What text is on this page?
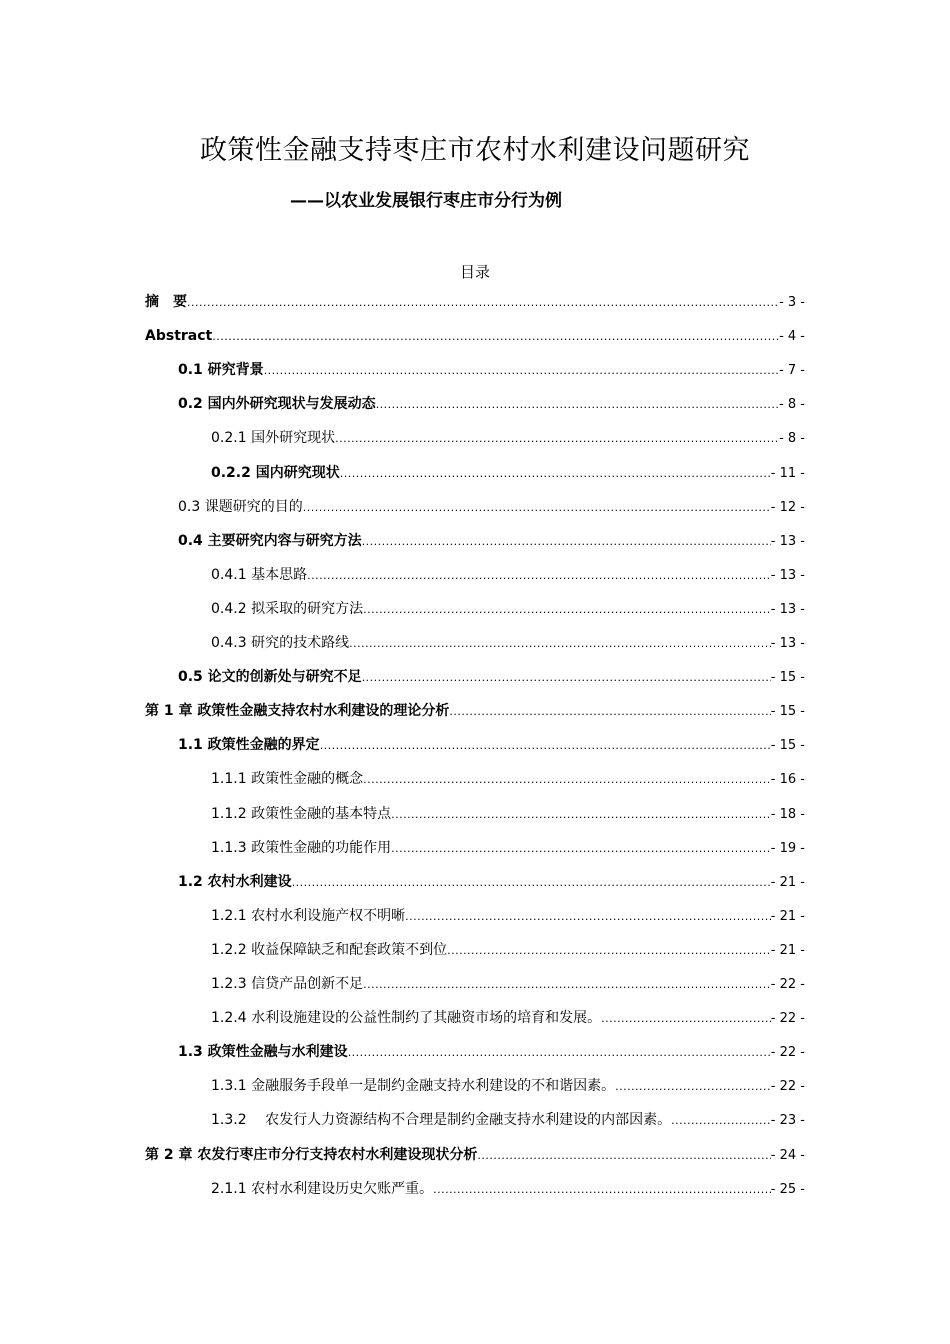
政策性金融支持枣庄市农村水利建设问题研究
——以农业发展银行枣庄市分行为例
目录
摘　要 .....	- 3 -
Abstract .....	- 4 -
0.1 研究背景 .....	- 7 -
0.2 国内外研究现状与发展动态 .....	- 8 -
0.2.1 国外研究现状 .....	- 8 -
0.2.2 国内研究现状 .....	- 11 -
0.3 课题研究的目的 .....	- 12 -
0.4 主要研究内容与研究方法 .....	- 13 -
0.4.1 基本思路 .....	- 13 -
0.4.2 拟采取的研究方法 .....	- 13 -
0.4.3 研究的技术路线 .....	- 13 -
0.5 论文的创新处与研究不足 .....	- 15 -
第 1 章 政策性金融支持农村水利建设的理论分析 .....	- 15 -
1.1 政策性金融的界定 .....	- 15 -
1.1.1 政策性金融的概念 .....	- 16 -
1.1.2 政策性金融的基本特点 .....	- 18 -
1.1.3 政策性金融的功能作用 .....	- 19 -
1.2 农村水利建设 .....	- 21 -
1.2.1 农村水利设施产权不明晰 .....	- 21 -
1.2.2 收益保障缺乏和配套政策不到位 .....	- 21 -
1.2.3 信贷产品创新不足 .....	- 22 -
1.2.4 水利设施建设的公益性制约了其融资市场的培育和发展。 .....	- 22 -
1.3 政策性金融与水利建设 .....	- 22 -
1.3.1 金融服务手段单一是制约金融支持水利建设的不和谐因素。 .....	- 22 -
1.3.2　 农发行人力资源结构不合理是制约金融支持水利建设的内部因素。 .....	- 23 -
第 2 章 农发行枣庄市分行支持农村水利建设现状分析 .....	- 24 -
2.1.1 农村水利建设历史欠账严重。 .....	- 25 -
